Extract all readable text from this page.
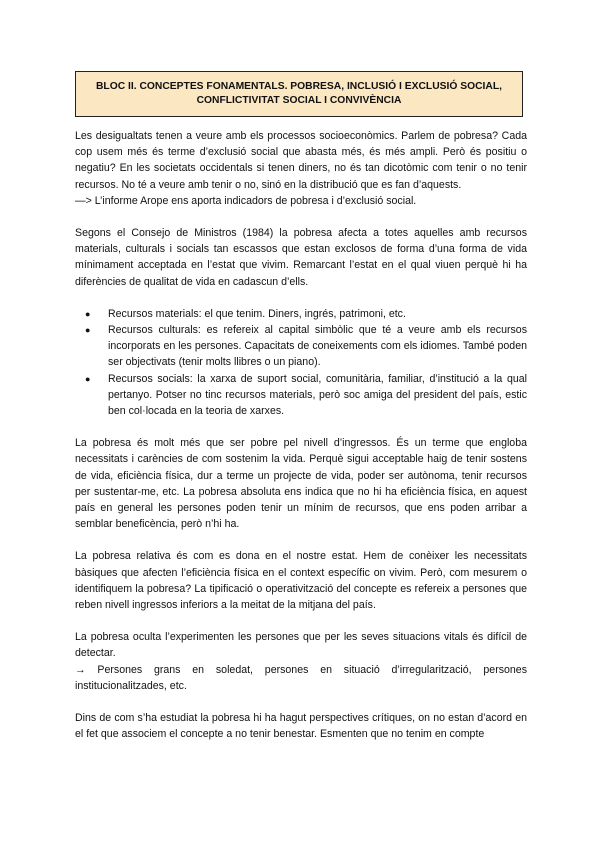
BLOC II. CONCEPTES FONAMENTALS. POBRESA, INCLUSIÓ I EXCLUSIÓ SOCIAL,
CONFLICTIVITAT SOCIAL I CONVIVÈNCIA

Les desigualtats tenen a veure amb els processos socioeconòmics. Parlem de pobresa? Cada cop usem més és terme d’exclusió social que abasta més, és més ampli. Però és positiu o negatiu? En les societats occidentals si tenen diners, no és tan dicotòmic com tenir o no tenir recursos. No té a veure amb tenir o no, sinó en la distribució que es fan d’aquests.

—> L’informe Arope ens aporta indicadors de pobresa i d’exclusió social.

Segons el Consejo de Ministros (1984) la pobresa afecta a totes aquelles amb recursos materials, culturals i socials tan escassos que estan exclosos de forma d’una forma de vida mínimament acceptada en l’estat que vivim. Remarcant l’estat en el qual viuen perquè hi ha diferències de qualitat de vida en cadascun d’ells.

● Recursos materials: el que tenim. Diners, ingrés, patrimoni, etc.
● Recursos culturals: es refereix al capital simbòlic que té a veure amb els recursos incorporats en les persones. Capacitats de coneixements com els idiomes. També poden ser objectivats (tenir molts llibres o un piano).
● Recursos socials: la xarxa de suport social, comunitària, familiar, d’institució a la qual pertanyo. Potser no tinc recursos materials, però soc amiga del president del país, estic ben col·locada en la teoria de xarxes.

La pobresa és molt més que ser pobre pel nivell d’ingressos. És un terme que engloba necessitats i carències de com sostenim la vida. Perquè sigui acceptable haig de tenir sostens de vida, eficiència física, dur a terme un projecte de vida, poder ser autònoma, tenir recursos per sustentar-me, etc. La pobresa absoluta ens indica que no hi ha eficiència física, en aquest país en general les persones poden tenir un mínim de recursos, que ens poden arribar a semblar beneficència, però n’hi ha.

La pobresa relativa és com es dona en el nostre estat. Hem de conèixer les necessitats bàsiques que afecten l’eficiència física en el context específic on vivim. Però, com mesurem o identifiquem la pobresa? La tipificació o operativització del concepte es refereix a persones que reben nivell ingressos inferiors a la meitat de la mitjana del país.

La pobresa oculta l’experimenten les persones que per les seves situacions vitals és difícil de detectar.

→ Persones grans en soledat, persones en situació d’irregularització, persones institucionalitzades, etc.

Dins de com s’ha estudiat la pobresa hi ha hagut perspectives crítiques, on no estan d’acord en el fet que associem el concepte a no tenir benestar. Esmenten que no tenim en compte
